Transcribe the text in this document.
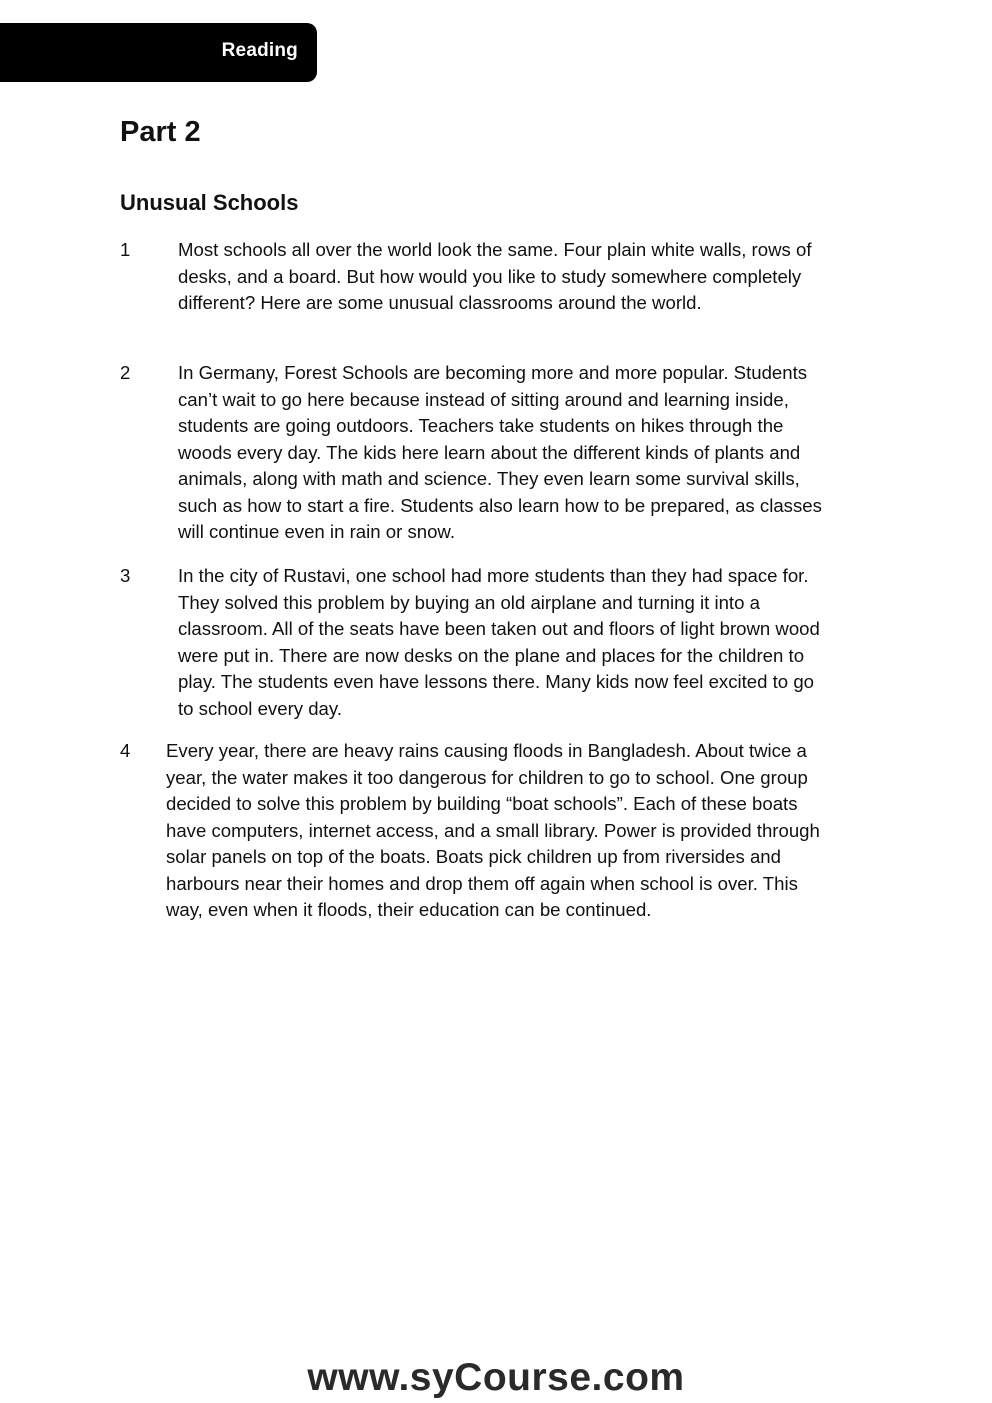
Reading
Part 2
Unusual Schools
1	Most schools all over the world look the same. Four plain white walls, rows of desks, and a board. But how would you like to study somewhere completely different? Here are some unusual classrooms around the world.

2	In Germany, Forest Schools are becoming more and more popular. Students can’t wait to go here because instead of sitting around and learning inside, students are going outdoors. Teachers take students on hikes through the woods every day. The kids here learn about the different kinds of plants and animals, along with math and science. They even learn some survival skills, such as how to start a fire. Students also learn how to be prepared, as classes will continue even in rain or snow.

3	In the city of Rustavi, one school had more students than they had space for. They solved this problem by buying an old airplane and turning it into a classroom. All of the seats have been taken out and floors of light brown wood were put in. There are now desks on the plane and places for the children to play. The students even have lessons there. Many kids now feel excited to go to school every day.

4 Every year, there are heavy rains causing floods in Bangladesh. About twice a year, the water makes it too dangerous for children to go to school. One group decided to solve this problem by building “boat schools”. Each of these boats have computers, internet access, and a small library. Power is provided through solar panels on top of the boats. Boats pick children up from riversides and harbours near their homes and drop them off again when school is over. This way, even when it floods, their education can be continued.

www.syCourse.com
